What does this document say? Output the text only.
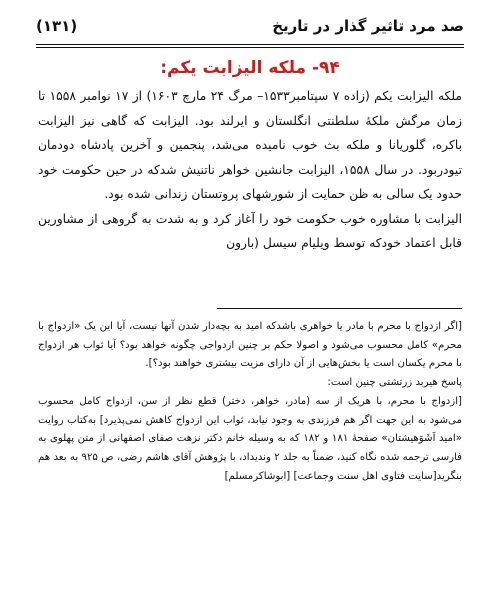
صد مرد تاثیر گذار در تاریخ
(۱۳۱)
۹۴- ملکه الیزابت یکم:

ملکه الیزابت یکم (زاده ۷ سپتامبر۱۵۳۳– مرگ ۲۴ مارچ ۱۶۰۳) از ۱۷ نوامبر ۱۵۵۸ تا زمان مرگش ملکهٔ سلطنتی انگلستان و ایرلند بود. الیزابت که گاهی نیز الیزابت باکره، گلوریانا و ملکه بث خوب نامیده می‌شد، پنجمین و آخرین پادشاه دودمان تیودربود. در سال ۱۵۵۸، الیزابت جانشین خواهر ناتنیش شدکه در حین حکومت خود حدود یک سالی به ظن حمایت از شورشهای پروتستان زندانی شده بود.

الیزابت با مشاوره خوب حکومت خود را آغاز کرد و به شدت به گروهی از مشاورین قابل اعتماد خودکه توسط ویلیام سیسل (بارون

[اگر ازدواج با محرم با مادر یا خواهری باشدکه امید به بچه‌دار شدن آنها نیست، آیا این یک «ازدواج با محرم» کامل محسوب می‌شود و اصولا حکم بر چنین ازدواجی چگونه خواهد بود؟ آیا ثواب هر ازدواج با محرم یکسان است یا بخش‌هایی از آن دارای مزیت بیشتری خواهند بود؟].

پاسخ هیربد زرتشتی چنین است:

[ازدواج با محرم، با هریک از سه (مادر، خواهر، دختر) قطع نظر از سن، ازدواج کامل محسوب می‌شود به این جهت اگر هم فرزندی به وجود نیابد، ثواب این ازدواج کاهش نمی‌پذیرد] به‌کتاب روایت «امید اَشَوَهیشتان» صفحهٔ ۱۸۱ و ۱۸۲ که به وسیله خانم دکتر نزهت صفای اصفهانی از متن پهلوی به فارسی ترجمه شده نگاه کنید، ضمناً به جلد ۲ وندیداد، با پژوهش آقای هاشم رضی، ص ۹۲۵ به بعد هم بنگرید[سایت فتاوی اهل سنت وجماعت] [ابوشاکرمسلم]
